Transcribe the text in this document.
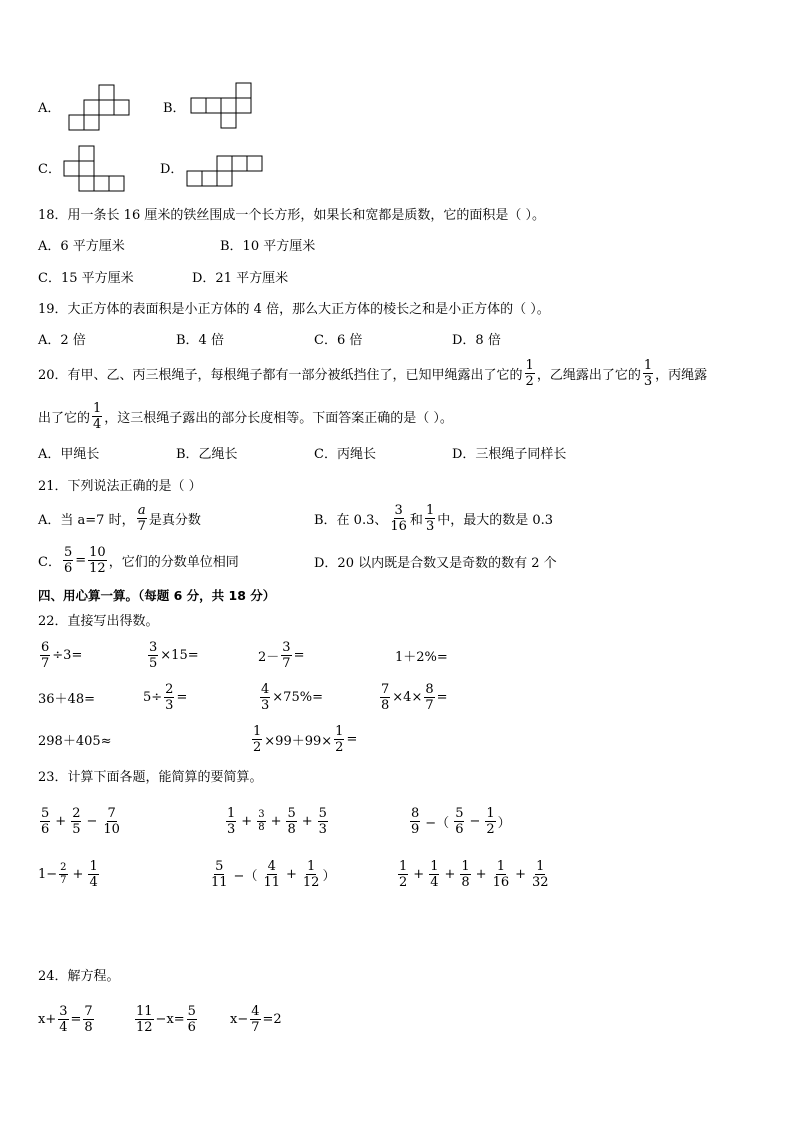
A．	B．
C．	D．
18．用一条长 16 厘米的铁丝围成一个长方形，如果长和宽都是质数，它的面积是（ ）。
A．6 平方厘米	B．10 平方厘米
C．15 平方厘米	D．21 平方厘米
19．大正方体的表面积是小正方体的 4 倍，那么大正方体的棱长之和是小正方体的（ ）。
A．2 倍	B．4 倍	C．6 倍	D．8 倍
20．有甲、乙、丙三根绳子，每根绳子都有一部分被纸挡住了，已知甲绳露出了它的 $\frac{1}{2}$ ，乙绳露出了它的 $\frac{1}{3}$ ，丙绳露
出了它的 $\frac{1}{4}$ ，这三根绳子露出的部分长度相等。下面答案正确的是（ ）。
A．甲绳长	B．乙绳长	C．丙绳长	D．三根绳子同样长
21．下列说法正确的是（ ）
A．当 a=7 时， $\frac{a}{7}$ 是真分数	B．在 0.3、 $\frac{3}{16}$ 和 $\frac{1}{3}$ 中，最大的数是 0.3
C． $\frac{5}{6} = \frac{10}{12}$ ，它们的分数单位相同	D．20 以内既是合数又是奇数的数有 2 个
四、用心算一算。（每题 6 分，共 18 分）
22．直接写出得数。
$\frac{6}{7} \div 3=$	$\frac{3}{5} \times 15=$	$2- \frac{3}{7}$ =	1＋2%=
36＋48=	$5\div \frac{2}{3}$ =	$\frac{4}{3} \times 75\%=$	$\frac{7}{8} \times 4\times \frac{8}{7}$ =
298＋405≈	$\frac{1}{2} \times 99+99\times \frac{1}{2}$ =
23．计算下面各题，能简算的要简算。
$\frac{5}{6} + \frac{2}{5} - \frac{7}{10}$	$\frac{1}{3} + \frac{3}{8} + \frac{5}{8} + \frac{5}{3}$	$\frac{8}{9}$ −（ $\frac{5}{6} - \frac{1}{2}$ ）
$1- \frac{2}{7} + \frac{1}{4}$	$\frac{5}{11}$ −（ $\frac{4}{11} + \frac{1}{12}$ ）	$\frac{1}{2} + \frac{1}{4} + \frac{1}{8} + \frac{1}{16} + \frac{1}{32}$
24．解方程。
$x+ \frac{3}{4} = \frac{7}{8}$	$\frac{11}{12} -x= \frac{5}{6}$	$x- \frac{4}{7} =2$
